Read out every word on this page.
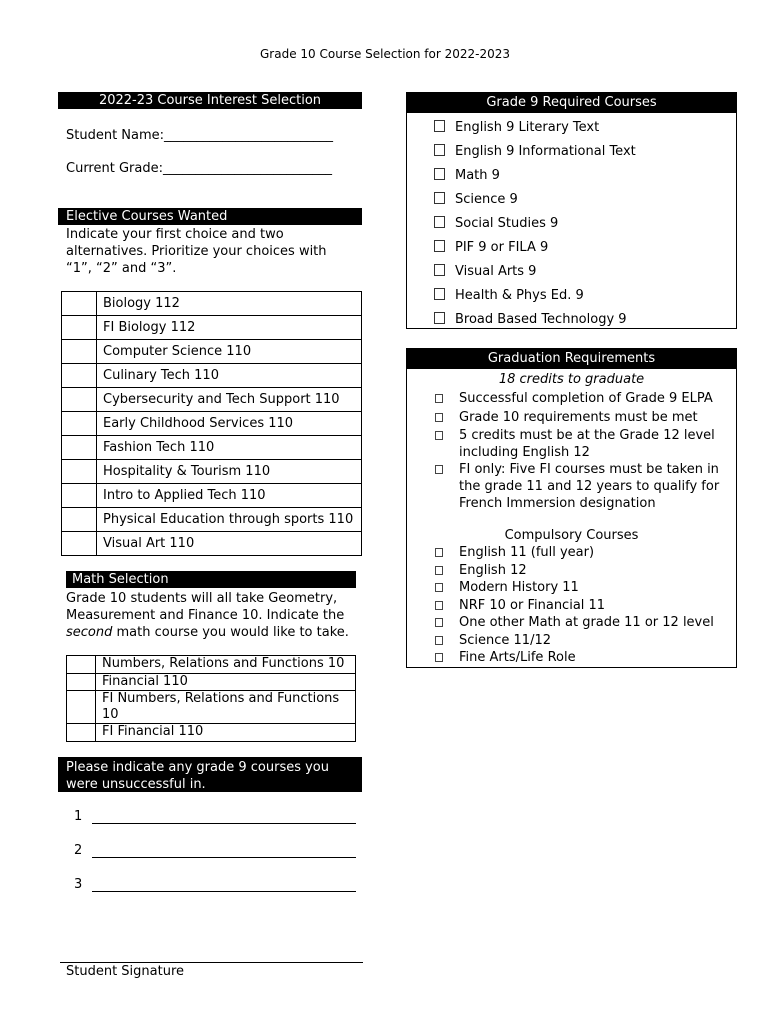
Grade 10 Course Selection for 2022-2023
2022-23 Course Interest Selection
Student Name:__________________________
Current Grade:__________________________
Elective Courses Wanted
Indicate your first choice and two alternatives. Prioritize your choices with “1”, “2” and “3”.
	Biology 112
	FI Biology 112
	Computer Science 110
	Culinary Tech 110
	Cybersecurity and Tech Support 110
	Early Childhood Services 110
	Fashion Tech 110
	Hospitality & Tourism 110
	Intro to Applied Tech 110
	Physical Education through sports 110
	Visual Art 110
Math Selection
Grade 10 students will all take Geometry, Measurement and Finance 10. Indicate the second math course you would like to take.
	Numbers, Relations and Functions 10
	Financial 110
	FI Numbers, Relations and Functions 10
	FI Financial 110
Please indicate any grade 9 courses you were unsuccessful in.
1
2
3
Student Signature
Grade 9 Required Courses
English 9 Literary Text
English 9 Informational Text
Math 9
Science 9
Social Studies 9
PIF 9 or FILA 9
Visual Arts 9
Health & Phys Ed. 9
Broad Based Technology 9
Graduation Requirements
18 credits to graduate
Successful completion of Grade 9 ELPA
Grade 10 requirements must be met
5 credits must be at the Grade 12 level including English 12
FI only: Five FI courses must be taken in the grade 11 and 12 years to qualify for French Immersion designation
Compulsory Courses
English 11 (full year)
English 12
Modern History 11
NRF 10 or Financial 11
One other Math at grade 11 or 12 level
Science 11/12
Fine Arts/Life Role
